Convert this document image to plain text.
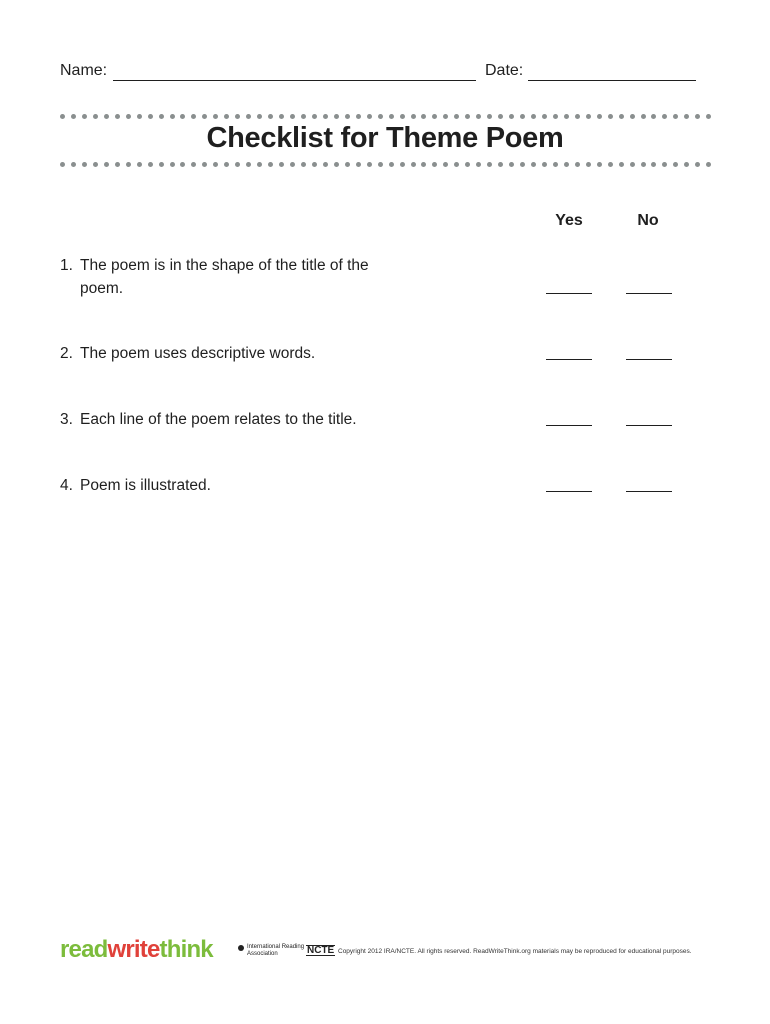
Name:	Date:
Checklist for Theme Poem
Yes	No
1. The poem is in the shape of the title of the poem.
2. The poem uses descriptive words.
3. Each line of the poem relates to the title.
4. Poem is illustrated.
readwritethink	International Reading Association	NCTE Copyright 2012 IRA/NCTE. All rights reserved. ReadWriteThink.org materials may be reproduced for educational purposes.
